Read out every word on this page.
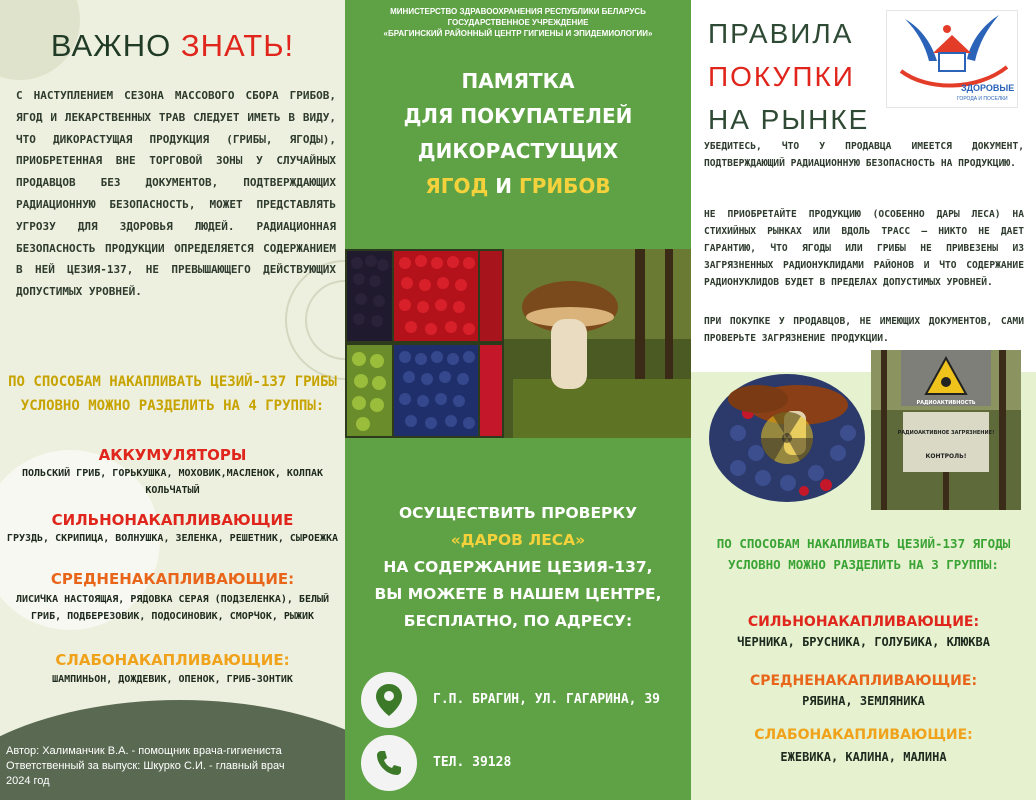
ВАЖНО ЗНАТЬ!
С НАСТУПЛЕНИЕМ СЕЗОНА МАССОВОГО СБОРА ГРИБОВ, ЯГОД И ЛЕКАРСТВЕННЫХ ТРАВ СЛЕДУЕТ ИМЕТЬ В ВИДУ, ЧТО ДИКОРАСТУЩАЯ ПРОДУКЦИЯ (ГРИБЫ, ЯГОДЫ), ПРИОБРЕТЕННАЯ ВНЕ ТОРГОВОЙ ЗОНЫ У СЛУЧАЙНЫХ ПРОДАВЦОВ БЕЗ ДОКУМЕНТОВ, ПОДТВЕРЖДАЮЩИХ РАДИАЦИОННУЮ БЕЗОПАСНОСТЬ, МОЖЕТ ПРЕДСТАВЛЯТЬ УГРОЗУ ДЛЯ ЗДОРОВЬЯ ЛЮДЕЙ. РАДИАЦИОННАЯ БЕЗОПАСНОСТЬ ПРОДУКЦИИ ОПРЕДЕЛЯЕТСЯ СОДЕРЖАНИЕМ В НЕЙ ЦЕЗИЯ-137, НЕ ПРЕВЫШАЮЩЕГО ДЕЙСТВУЮЩИХ ДОПУСТИМЫХ УРОВНЕЙ.
ПО СПОСОБАМ НАКАПЛИВАТЬ ЦЕЗИЙ-137 ГРИБЫ УСЛОВНО МОЖНО РАЗДЕЛИТЬ НА 4 ГРУППЫ:
АККУМУЛЯТОРЫ
ПОЛЬСКИЙ ГРИБ, ГОРЬКУШКА, МОХОВИК,МАСЛЕНОК, КОЛПАК КОЛЬЧАТЫЙ
СИЛЬНОНАКАПЛИВАЮЩИЕ
ГРУЗДЬ, СКРИПИЦА, ВОЛНУШКА, ЗЕЛЕНКА, РЕШЕТНИК, СЫРОЕЖКА
СРЕДНЕНАКАПЛИВАЮЩИЕ:
ЛИСИЧКА НАСТОЯЩАЯ, РЯДОВКА СЕРАЯ (ПОДЗЕЛЕНКА), БЕЛЫЙ ГРИБ, ПОДБЕРЕЗОВИК, ПОДОСИНОВИК, СМОРЧОК, РЫЖИК
СЛАБОНАКАПЛИВАЮЩИЕ:
ШАМПИНЬОН, ДОЖДЕВИК, ОПЕНОК, ГРИБ-ЗОНТИК
Автор: Халиманчик В.А. - помощник врача-гигиениста
Ответственный за выпуск: Шкурко С.И. - главный врач
2024 год
МИНИСТЕРСТВО ЗДРАВООХРАНЕНИЯ РЕСПУБЛИКИ БЕЛАРУСЬ
ГОСУДАРСТВЕННОЕ УЧРЕЖДЕНИЕ
«БРАГИНСКИЙ РАЙОННЫЙ ЦЕНТР ГИГИЕНЫ И ЭПИДЕМИОЛОГИИ»
ПАМЯТКА
ДЛЯ ПОКУПАТЕЛЕЙ
ДИКОРАСТУЩИХ
ЯГОД И ГРИБОВ
ОСУЩЕСТВИТЬ ПРОВЕРКУ
«ДАРОВ ЛЕСА»
НА СОДЕРЖАНИЕ ЦЕЗИЯ-137,
ВЫ МОЖЕТЕ В НАШЕМ ЦЕНТРЕ,
БЕСПЛАТНО, ПО АДРЕСУ:
Г.П. БРАГИН, УЛ. ГАГАРИНА, 39
ТЕЛ. 39128
ПРАВИЛА
ПОКУПКИ
НА РЫНКЕ
ЗДОРОВЫЕ
ГОРОДА И ПОСЕЛКИ
УБЕДИТЕСЬ, ЧТО У ПРОДАВЦА ИМЕЕТСЯ ДОКУМЕНТ, ПОДТВЕРЖДАЮЩИЙ РАДИАЦИОННУЮ БЕЗОПАСНОСТЬ НА ПРОДУКЦИЮ.
НЕ ПРИОБРЕТАЙТЕ ПРОДУКЦИЮ (ОСОБЕННО ДАРЫ ЛЕСА) НА СТИХИЙНЫХ РЫНКАХ ИЛИ ВДОЛЬ ТРАСС – НИКТО НЕ ДАЕТ ГАРАНТИЮ, ЧТО ЯГОДЫ ИЛИ ГРИБЫ НЕ ПРИВЕЗЕНЫ ИЗ ЗАГРЯЗНЕННЫХ РАДИОНУКЛИДАМИ РАЙОНОВ И ЧТО СОДЕРЖАНИЕ РАДИОНУКЛИДОВ БУДЕТ В ПРЕДЕЛАХ ДОПУСТИМЫХ УРОВНЕЙ.
ПРИ ПОКУПКЕ У ПРОДАВЦОВ, НЕ ИМЕЮЩИХ ДОКУМЕНТОВ, САМИ ПРОВЕРЬТЕ ЗАГРЯЗНЕНИЕ ПРОДУКЦИИ.
РАДИОАКТИВНОСТЬ
РАДИОАКТИВНОЕ ЗАГРЯЗНЕНИЕ!
КОНТРОЛЬ!
ПО СПОСОБАМ НАКАПЛИВАТЬ ЦЕЗИЙ-137 ЯГОДЫ УСЛОВНО МОЖНО РАЗДЕЛИТЬ НА 3 ГРУППЫ:
СИЛЬНОНАКАПЛИВАЮЩИЕ:
ЧЕРНИКА, БРУСНИКА, ГОЛУБИКА, КЛЮКВА
СРЕДНЕНАКАПЛИВАЮЩИЕ:
РЯБИНА, ЗЕМЛЯНИКА
СЛАБОНАКАПЛИВАЮЩИЕ:
ЕЖЕВИКА, КАЛИНА, МАЛИНА
